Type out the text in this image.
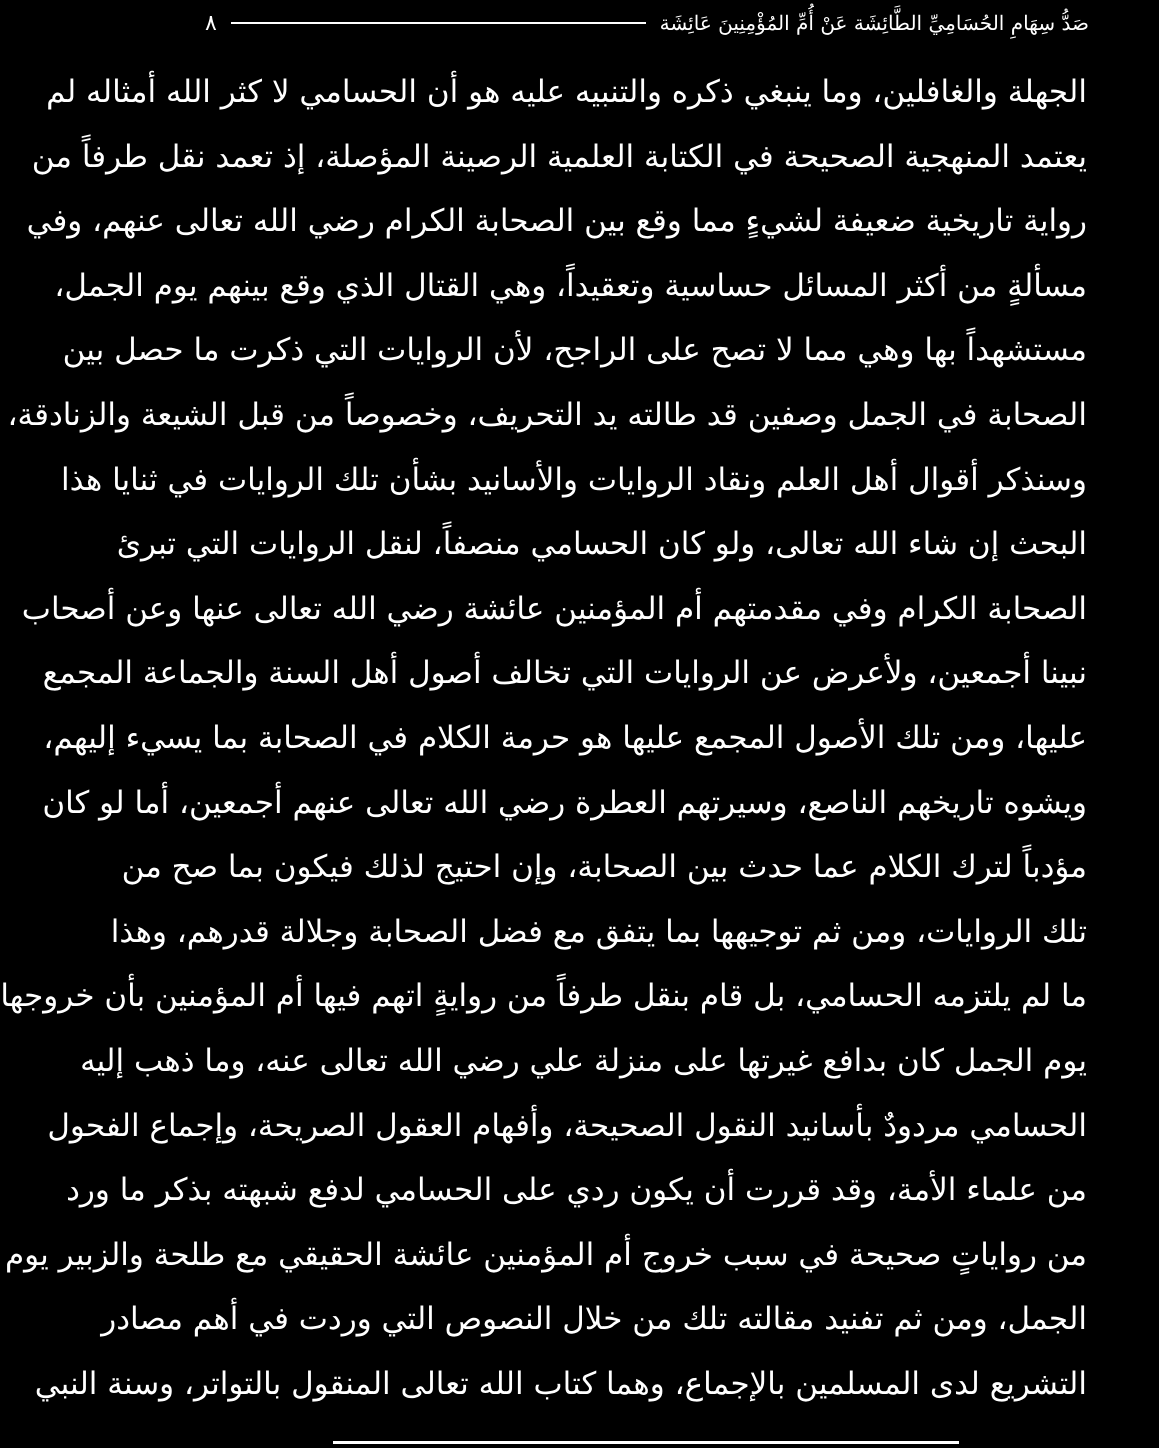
صَدُّ سِهَامِ الحُسَامِيِّ الطَّائِشَة عَنْ أُمِّ المُؤْمِنِينَ عَائِشَة
٨
الجهلة والغافلين، وما ينبغي ذكره والتنبيه عليه هو أن الحسامي لا كثر الله أمثاله لم
يعتمد المنهجية الصحيحة في الكتابة العلمية الرصينة المؤصلة، إذ تعمد نقل طرفاً من
رواية تاريخية ضعيفة لشيءٍ مما وقع بين الصحابة الكرام رضي الله تعالى عنهم، وفي
مسألةٍ من أكثر المسائل حساسية وتعقيداً، وهي القتال الذي وقع بينهم يوم الجمل،
مستشهداً بها وهي مما لا تصح على الراجح، لأن الروايات التي ذكرت ما حصل بين
الصحابة في الجمل وصفين قد طالته يد التحريف، وخصوصاً من قبل الشيعة والزنادقة،
وسنذكر أقوال أهل العلم ونقاد الروايات والأسانيد بشأن تلك الروايات في ثنايا هذا
البحث إن شاء الله تعالى، ولو كان الحسامي منصفاً، لنقل الروايات التي تبرئ
الصحابة الكرام وفي مقدمتهم أم المؤمنين عائشة رضي الله تعالى عنها وعن أصحاب
نبينا أجمعين، ولأعرض عن الروايات التي تخالف أصول أهل السنة والجماعة المجمع
عليها، ومن تلك الأصول المجمع عليها هو حرمة الكلام في الصحابة بما يسيء إليهم،
ويشوه تاريخهم الناصع، وسيرتهم العطرة رضي الله تعالى عنهم أجمعين، أما لو كان
مؤدباً لترك الكلام عما حدث بين الصحابة، وإن احتيج لذلك فيكون بما صح من
تلك الروايات، ومن ثم توجيهها بما يتفق مع فضل الصحابة وجلالة قدرهم، وهذا
ما لم يلتزمه الحسامي، بل قام بنقل طرفاً من روايةٍ اتهم فيها أم المؤمنين بأن خروجها
يوم الجمل كان بدافع غيرتها على منزلة علي رضي الله تعالى عنه، وما ذهب إليه
الحسامي مردودٌ بأسانيد النقول الصحيحة، وأفهام العقول الصريحة، وإجماع الفحول
من علماء الأمة، وقد قررت أن يكون ردي على الحسامي لدفع شبهته بذكر ما ورد
من رواياتٍ صحيحة في سبب خروج أم المؤمنين عائشة الحقيقي مع طلحة والزبير يوم
الجمل، ومن ثم تفنيد مقالته تلك من خلال النصوص التي وردت في أهم مصادر
التشريع لدى المسلمين بالإجماع، وهما كتاب الله تعالى المنقول بالتواتر، وسنة النبي
